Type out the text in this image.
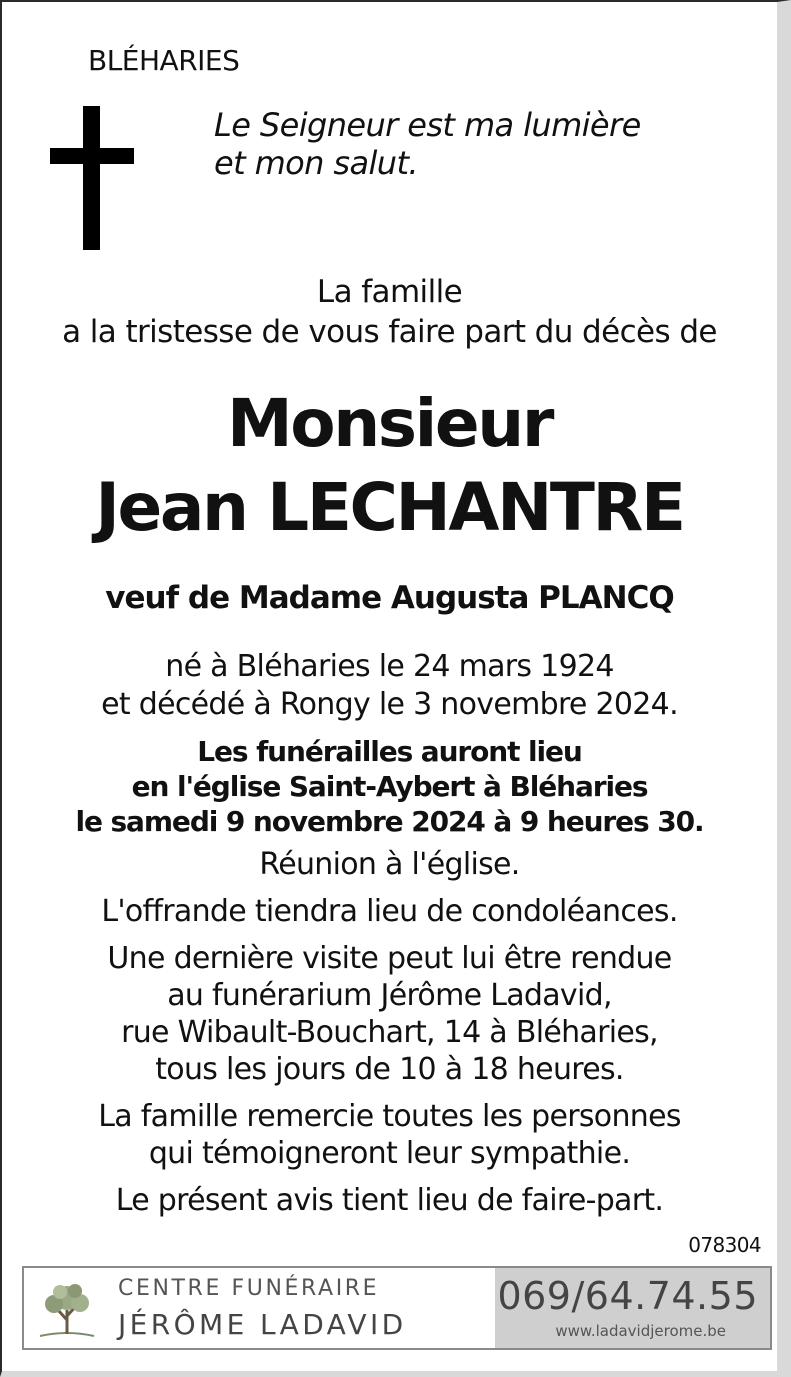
BLÉHARIES
Le Seigneur est ma lumière
et mon salut.
La famille
a la tristesse de vous faire part du décès de
Monsieur
Jean LECHANTRE
veuf de Madame Augusta PLANCQ
né à Bléharies le 24 mars 1924
et décédé à Rongy le 3 novembre 2024.
Les funérailles auront lieu
en l'église Saint-Aybert à Bléharies
le samedi 9 novembre 2024 à 9 heures 30.
Réunion à l'église.
L'offrande tiendra lieu de condoléances.
Une dernière visite peut lui être rendue
au funérarium Jérôme Ladavid,
rue Wibault-Bouchart, 14 à Bléharies,
tous les jours de 10 à 18 heures.
La famille remercie toutes les personnes
qui témoigneront leur sympathie.
Le présent avis tient lieu de faire-part.
078304
CENTRE FUNÉRAIRE
JÉRÔME LADAVID
069/64.74.55
www.ladavidjerome.be
